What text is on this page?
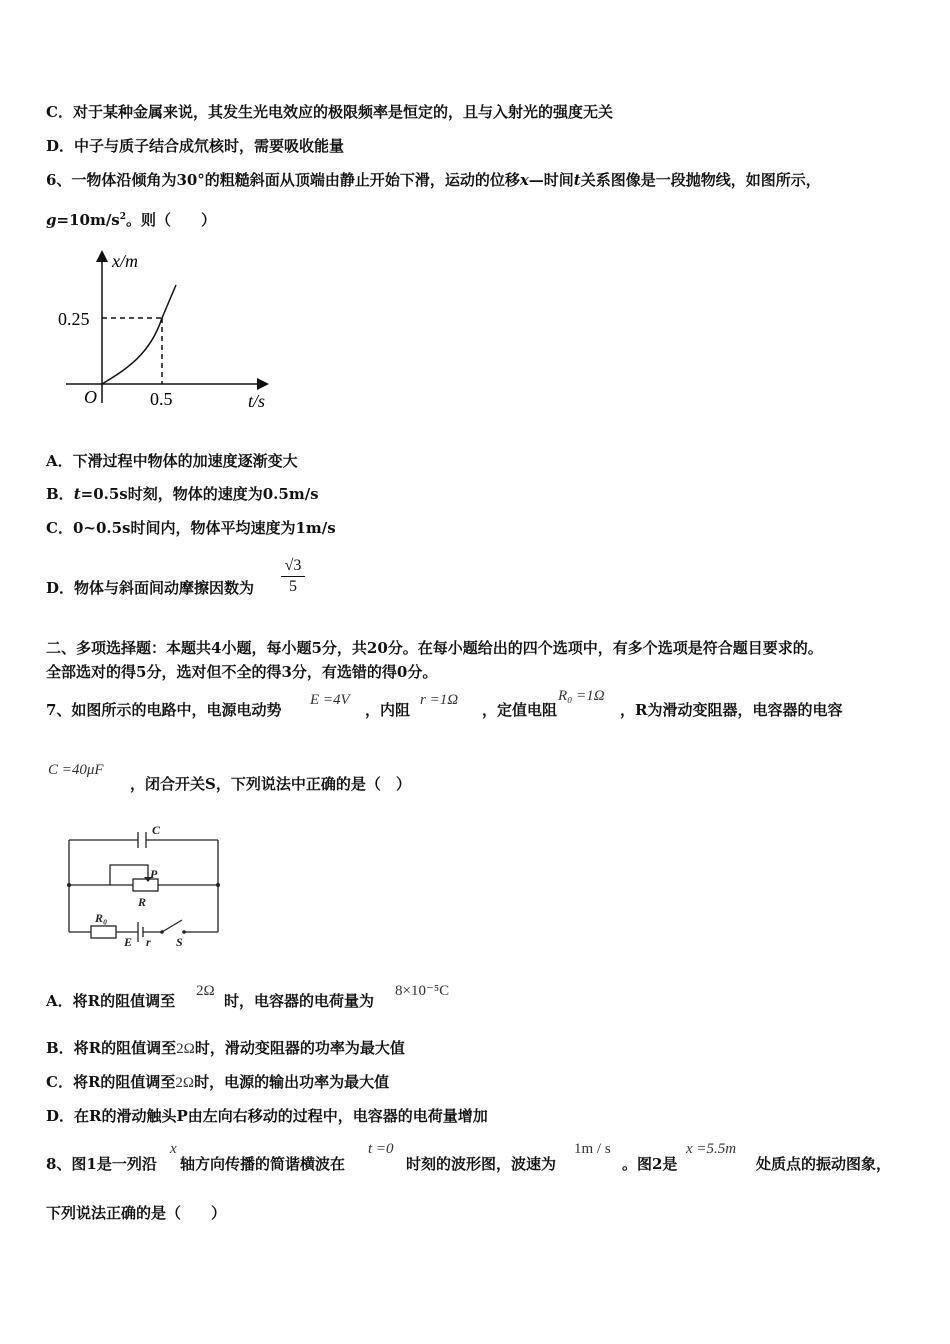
C．对于某种金属来说，其发生光电效应的极限频率是恒定的，且与入射光的强度无关
D．中子与质子结合成氘核时，需要吸收能量
6、一物体沿倾角为30°的粗糙斜面从顶端由静止开始下滑，运动的位移x—时间t关系图像是一段抛物线，如图所示，
$g=10m/s^2$。则（　　）
x/m
t/s
O
0.25
0.5
A．下滑过程中物体的加速度逐渐变大
B．t=0.5s时刻，物体的速度为0.5m/s
C．0~0.5s时间内，物体平均速度为1m/s
D．物体与斜面间动摩擦因数为 $\frac{√3}{5}$
二、多项选择题：本题共4小题，每小题5分，共20分。在每小题给出的四个选项中，有多个选项是符合题目要求的。
全部选对的得5分，选对但不全的得3分，有选错的得0分。
7、如图所示的电路中，电源电动势
E =4V
，内阻
r =1Ω
，定值电阻
R₀ =1Ω
，R为滑动变阻器，电容器的电容
C =40μF
，闭合开关S，下列说法中正确的是（　）
C
P
R
R₀
E r S
A．将R的阻值调至
2Ω
时，电容器的电荷量为
8×10⁻⁵C
B．将R的阻值调至2Ω时，滑动变阻器的功率为最大值
C．将R的阻值调至2Ω时，电源的输出功率为最大值
D．在R的滑动触头P由左向右移动的过程中，电容器的电荷量增加
8、图1是一列沿
x
轴方向传播的简谐横波在
t =0
时刻的波形图，波速为
1m / s
。图2是
x =5.5m
处质点的振动图象，
下列说法正确的是（　　）
